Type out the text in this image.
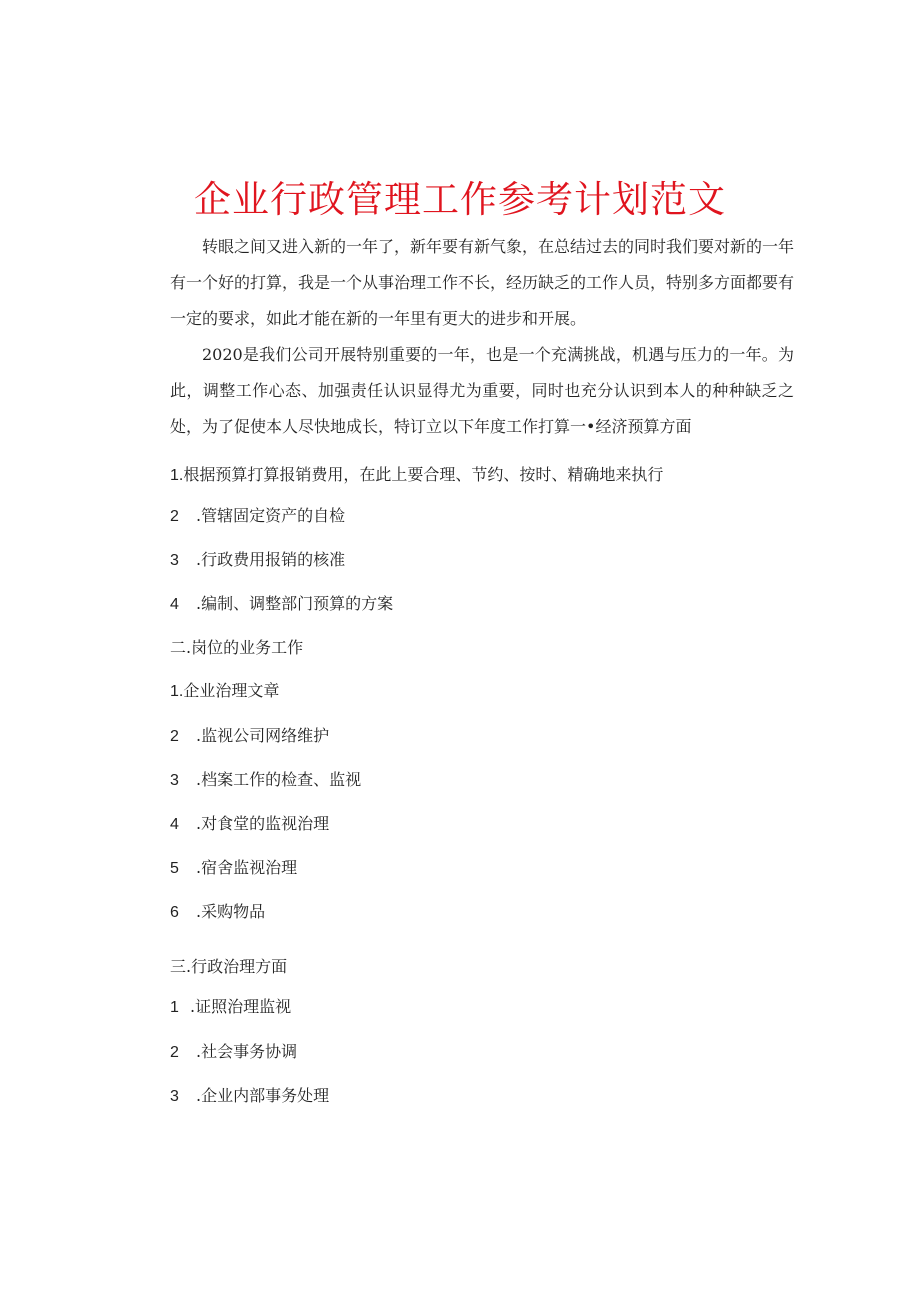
企业行政管理工作参考计划范文

转眼之间又进入新的一年了，新年要有新气象，在总结过去的同时我们要对新的一年有一个好的打算，我是一个从事治理工作不长，经历缺乏的工作人员，特别多方面都要有一定的要求，如此才能在新的一年里有更大的进步和开展。

2020是我们公司开展特别重要的一年，也是一个充满挑战，机遇与压力的一年。为此，调整工作心态、加强责任认识显得尤为重要，同时也充分认识到本人的种种缺乏之处，为了促使本人尽快地成长，特订立以下年度工作打算一•经济预算方面

1.根据预算打算报销费用，在此上要合理、节约、按时、精确地来执行
2 .管辖固定资产的自检
3 .行政费用报销的核准
4 .编制、调整部门预算的方案
二.岗位的业务工作
1.企业治理文章
2 .监视公司网络维护
3 .档案工作的检查、监视
4 .对食堂的监视治理
5 .宿舍监视治理
6 .采购物品
三.行政治理方面
1 .证照治理监视
2 .社会事务协调
3 .企业内部事务处理
